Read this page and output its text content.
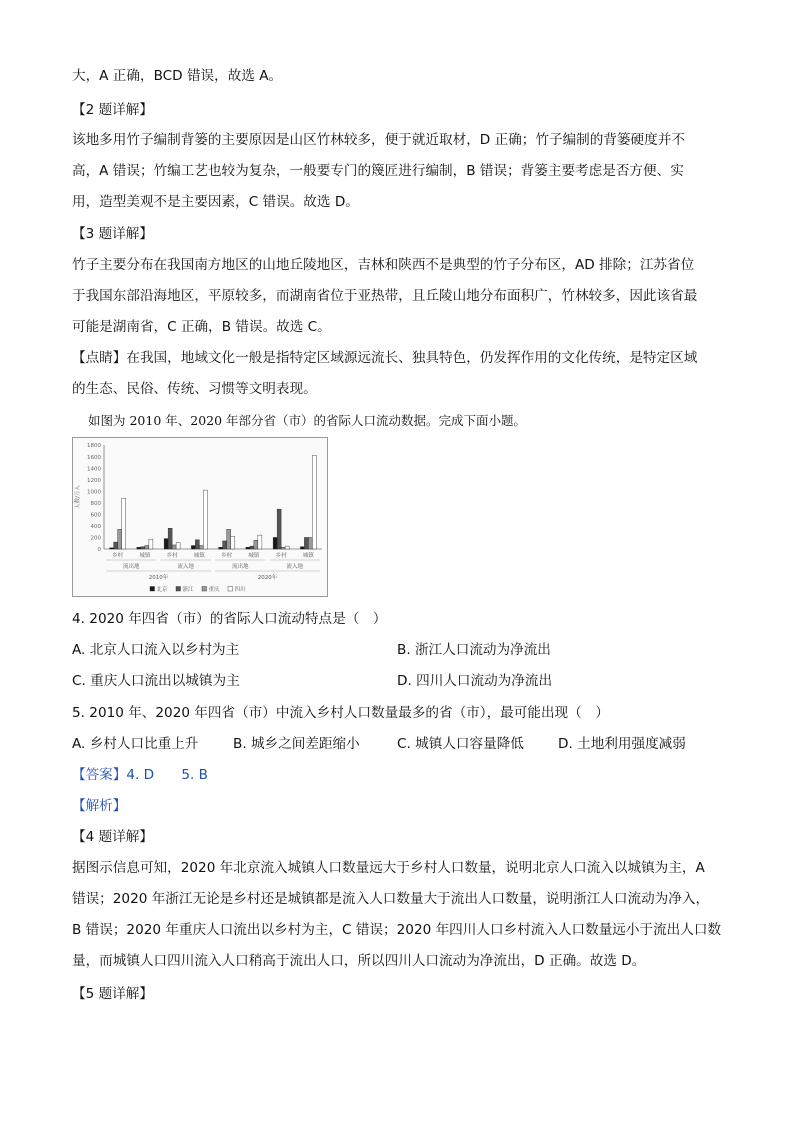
大，A 正确，BCD 错误，故选 A。
【2 题详解】
该地多用竹子编制背篓的主要原因是山区竹林较多，便于就近取材，D 正确；竹子编制的背篓硬度并不
高，A 错误；竹编工艺也较为复杂，一般要专门的篾匠进行编制，B 错误；背篓主要考虑是否方便、实
用，造型美观不是主要因素，C 错误。故选 D。
【3 题详解】
竹子主要分布在我国南方地区的山地丘陵地区，吉林和陕西不是典型的竹子分布区，AD 排除；江苏省位
于我国东部沿海地区，平原较多，而湖南省位于亚热带，且丘陵山地分布面积广，竹林较多，因此该省最
可能是湖南省，C 正确，B 错误。故选 C。
【点睛】在我国，地域文化一般是指特定区域源远流长、独具特色，仍发挥作用的文化传统，是特定区域
的生态、民俗、传统、习惯等文明表现。
如图为 2010 年、2020 年部分省（市）的省际人口流动数据。完成下面小题。
0
200
400
600
800
1000
1200
1400
1600
1800
人数/万人
乡村	城镇	乡村	城镇	乡村	城镇	乡村	城镇
流出地	流入地	流出地	流入地
2010年	2020年
北京	浙江	重庆	四川
4. 2020 年四省（市）的省际人口流动特点是（　）
A. 北京人口流入以乡村为主	B. 浙江人口流动为净流出
C. 重庆人口流出以城镇为主	D. 四川人口流动为净流出
5. 2010 年、2020 年四省（市）中流入乡村人口数量最多的省（市），最可能出现（　）
A. 乡村人口比重上升	B. 城乡之间差距缩小	C. 城镇人口容量降低	D. 土地利用强度减弱
【答案】4. D　　5. B
【解析】
【4 题详解】
据图示信息可知，2020 年北京流入城镇人口数量远大于乡村人口数量，说明北京人口流入以城镇为主，A
错误；2020 年浙江无论是乡村还是城镇都是流入人口数量大于流出人口数量，说明浙江人口流动为净入，
B 错误；2020 年重庆人口流出以乡村为主，C 错误；2020 年四川人口乡村流入人口数量远小于流出人口数
量，而城镇人口四川流入人口稍高于流出人口，所以四川人口流动为净流出，D 正确。故选 D。
【5 题详解】
